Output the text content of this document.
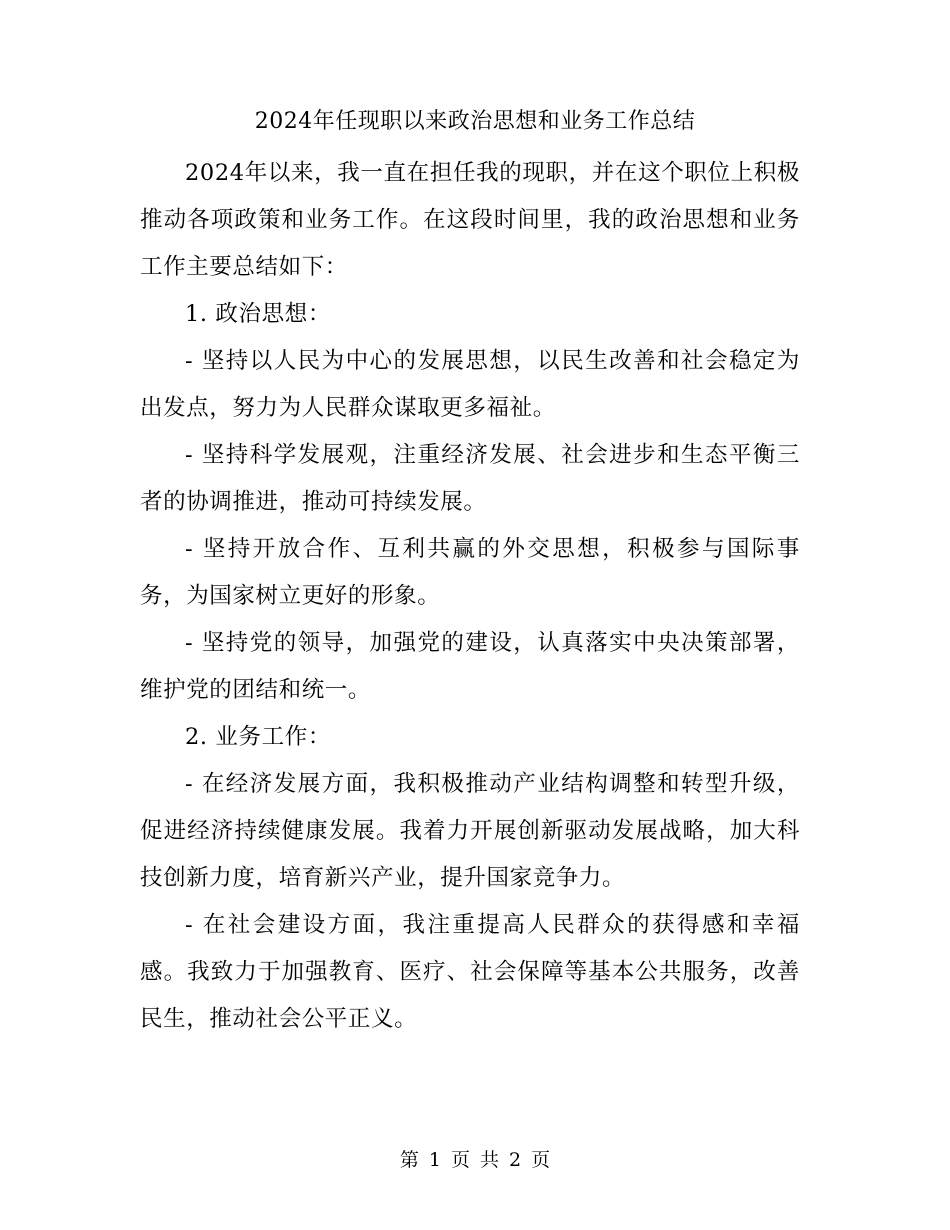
2024年任现职以来政治思想和业务工作总结

2024年以来，我一直在担任我的现职，并在这个职位上积极推动各项政策和业务工作。在这段时间里，我的政治思想和业务工作主要总结如下：

1. 政治思想：

- 坚持以人民为中心的发展思想，以民生改善和社会稳定为出发点，努力为人民群众谋取更多福祉。

- 坚持科学发展观，注重经济发展、社会进步和生态平衡三者的协调推进，推动可持续发展。

- 坚持开放合作、互利共赢的外交思想，积极参与国际事务，为国家树立更好的形象。

- 坚持党的领导，加强党的建设，认真落实中央决策部署，维护党的团结和统一。

2. 业务工作：

- 在经济发展方面，我积极推动产业结构调整和转型升级，促进经济持续健康发展。我着力开展创新驱动发展战略，加大科技创新力度，培育新兴产业，提升国家竞争力。

- 在社会建设方面，我注重提高人民群众的获得感和幸福感。我致力于加强教育、医疗、社会保障等基本公共服务，改善民生，推动社会公平正义。

第 1 页 共 2 页
